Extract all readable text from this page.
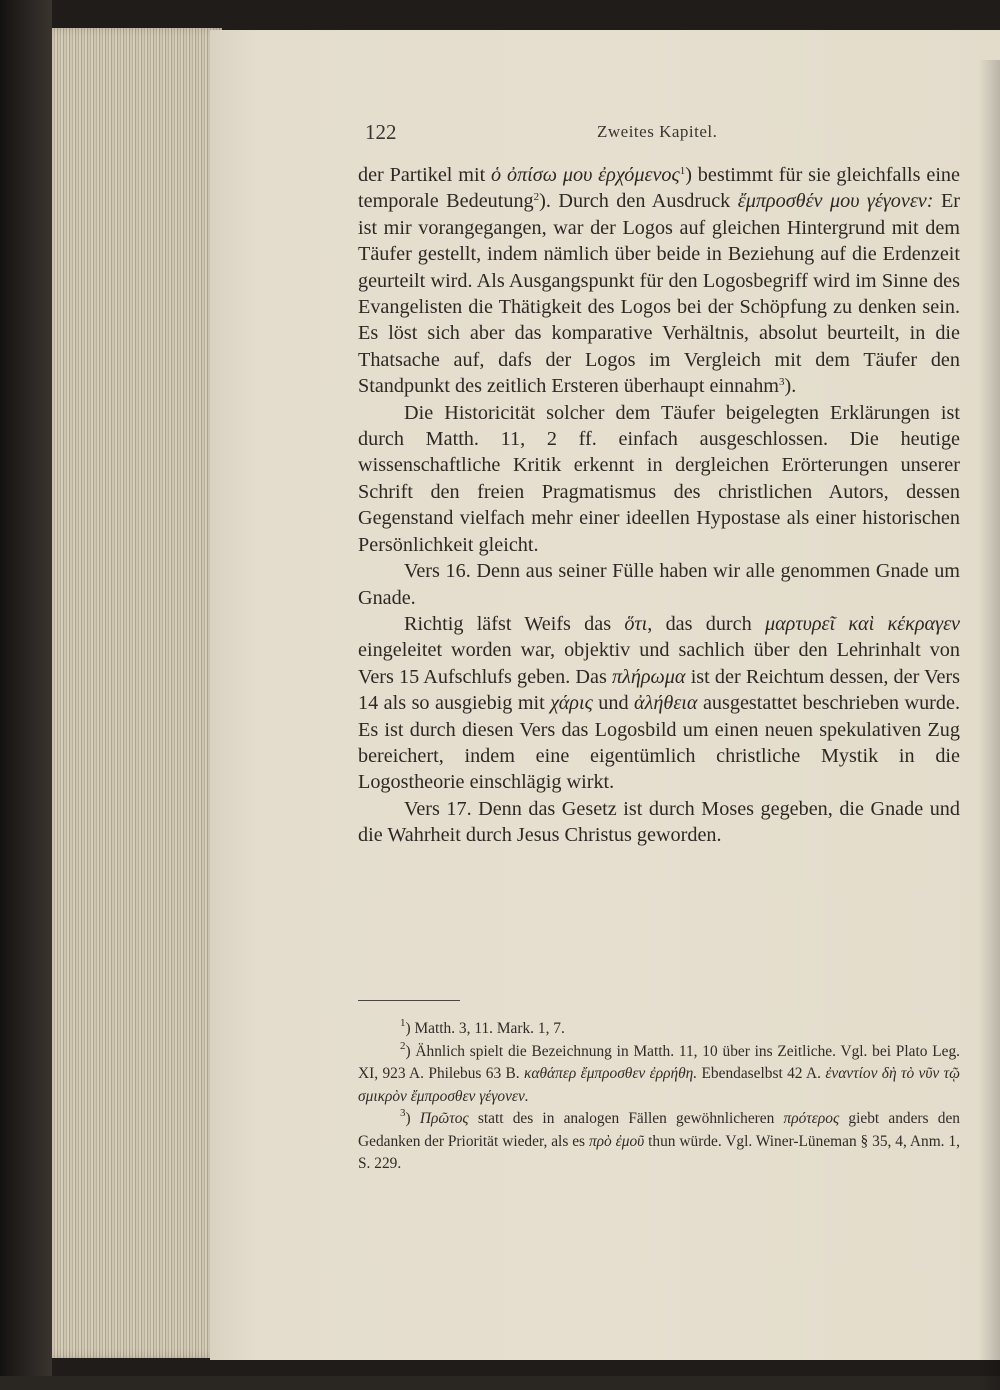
122	Zweites Kapitel.

der Partikel mit ὁ ὀπίσω μου ἐρχόμενος$^1$) bestimmt für sie gleichfalls eine temporale Bedeutung$^2$). Durch den Ausdruck ἔμπροσθέν μου γέγονεν: Er ist mir vorangegangen, war der Logos auf gleichen Hintergrund mit dem Täufer gestellt, indem nämlich über beide in Beziehung auf die Erdenzeit geurteilt wird. Als Ausgangspunkt für den Logosbegriff wird im Sinne des Evangelisten die Thätigkeit des Logos bei der Schöpfung zu denken sein. Es löst sich aber das komparative Verhältnis, absolut beurteilt, in die Thatsache auf, dafs der Logos im Vergleich mit dem Täufer den Standpunkt des zeitlich Ersteren überhaupt einnahm$^3$).

Die Historicität solcher dem Täufer beigelegten Erklärungen ist durch Matth. 11, 2 ff. einfach ausgeschlossen. Die heutige wissenschaftliche Kritik erkennt in dergleichen Erörterungen unserer Schrift den freien Pragmatismus des christlichen Autors, dessen Gegenstand vielfach mehr einer ideellen Hypostase als einer historischen Persönlichkeit gleicht.

Vers 16. Denn aus seiner Fülle haben wir alle genommen Gnade um Gnade.

Richtig läfst Weifs das ὅτι, das durch μαρτυρεῖ καὶ κέκραγεν eingeleitet worden war, objektiv und sachlich über den Lehrinhalt von Vers 15 Aufschlufs geben. Das πλήρωμα ist der Reichtum dessen, der Vers 14 als so ausgiebig mit χάρις und ἀλήθεια ausgestattet beschrieben wurde. Es ist durch diesen Vers das Logosbild um einen neuen spekulativen Zug bereichert, indem eine eigentümlich christliche Mystik in die Logostheorie einschlägig wirkt.

Vers 17. Denn das Gesetz ist durch Moses gegeben, die Gnade und die Wahrheit durch Jesus Christus geworden.

$^1$) Matth. 3, 11. Mark. 1, 7.

$^2$) Ähnlich spielt die Bezeichnung in Matth. 11, 10 über ins Zeitliche. Vgl. bei Plato Leg. XI, 923 A. Philebus 63 B. καθάπερ ἔμπροσθεν ἐρρήθη. Ebendaselbst 42 A. ἐναντίον δὴ τὸ νῦν τῷ σμικρὸν ἔμπροσθεν γέγονεν.

$^3$) Πρῶτος statt des in analogen Fällen gewöhnlicheren πρότερος giebt anders den Gedanken der Priorität wieder, als es πρὸ ἐμοῦ thun würde. Vgl. Winer-Lüneman § 35, 4, Anm. 1, S. 229.
